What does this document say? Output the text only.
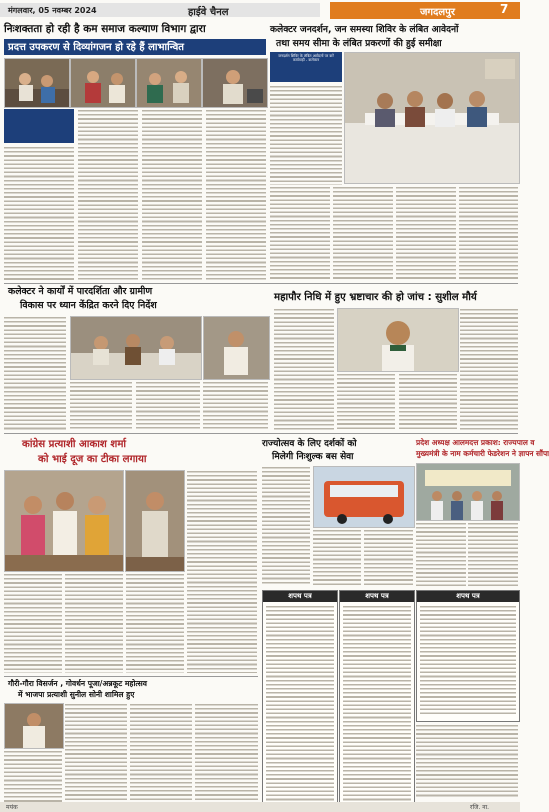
मंगलवार, 05 नवम्बर 2024	हाईवे चैनल	जगदलपुर	7
निःशक्तता हो रही है कम समाज कल्याण विभाग द्वारा
प्रदत्त उपकरण से दिव्यांगजन हो रहे हैं लाभान्वित
कलेक्टर जनदर्शन, जन समस्या शिविर के लंबित आवेदनों
तथा समय सीमा के लंबित प्रकरणों की हुई समीक्षा
जनदर्शन शिविर के लंबित आवेदनों पर करें कार्यवाही - कलेक्टर
कलेक्टर ने कार्यों में पारदर्शिता और ग्रामीण
विकास पर ध्यान केंद्रित करने दिए निर्देश
महापौर निधि में हुए भ्रष्टाचार की हो जांच : सुशील मौर्य
कांग्रेस प्रत्याशी आकाश शर्मा
को भाई दूज का टीका लगाया
राज्योत्सव के लिए दर्शकों को
मिलेगी निःशुल्क बस सेवा
प्रदेश अध्यक्ष आलमदत्त प्रकाश: राज्यपाल व
मुख्यमंत्री के नाम कर्मचारी फेडरेशन ने ज्ञापन सौंपा
गौरी-गौरा विसर्जन , गोवर्धन पूजा/अन्नकूट महोत्सव
में भाजपा प्रत्याशी सुनील सोनी शामिल हुए
शपथ पत्र	शपथ पत्र	शपथ पत्र
मयंक	रजि. ना.
